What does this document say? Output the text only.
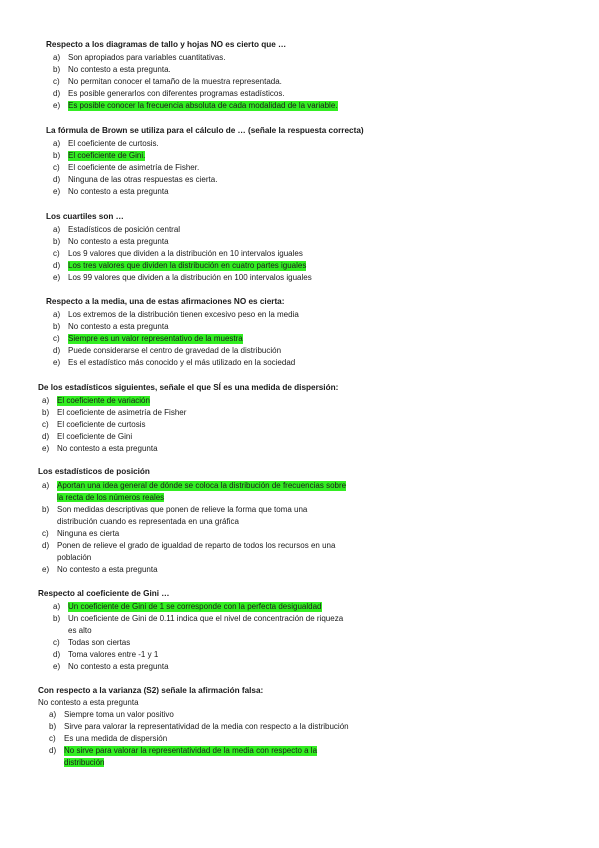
Respecto a los diagramas de tallo y hojas NO es cierto que …
a) Son apropiados para variables cuantitativas.
b) No contesto a esta pregunta.
c) No permitan conocer el tamaño de la muestra representada.
d) Es posible generarlos con diferentes programas estadísticos.
e) Es posible conocer la frecuencia absoluta de cada modalidad de la variable.
La fórmula de Brown se utiliza para el cálculo de … (señale la respuesta correcta)
a) El coeficiente de curtosis.
b) El coeficiente de Gini.
c) El coeficiente de asimetría de Fisher.
d) Ninguna de las otras respuestas es cierta.
e) No contesto a esta pregunta
Los cuartiles son …
a) Estadísticos de posición central
b) No contesto a esta pregunta
c) Los 9 valores que dividen a la distribución en 10 intervalos iguales
d) Los tres valores que dividen la distribución en cuatro partes iguales
e) Los 99 valores que dividen a la distribución en 100 intervalos iguales
Respecto a la media, una de estas afirmaciones NO es cierta:
a) Los extremos de la distribución tienen excesivo peso en la media
b) No contesto a esta pregunta
c) Siempre es un valor representativo de la muestra
d) Puede considerarse el centro de gravedad de la distribución
e) Es el estadístico más conocido y el más utilizado en la sociedad
De los estadísticos siguientes, señale el que SÍ es una medida de dispersión:
a) El coeficiente de variación
b) El coeficiente de asimetría de Fisher
c) El coeficiente de curtosis
d) El coeficiente de Gini
e) No contesto a esta pregunta
Los estadísticos de posición
a) Aportan una idea general de dónde se coloca la distribución de frecuencias sobre
la recta de los números reales
b) Son medidas descriptivas que ponen de relieve la forma que toma una
distribución cuando es representada en una gráfica
c) Ninguna es cierta
d) Ponen de relieve el grado de igualdad de reparto de todos los recursos en una
población
e) No contesto a esta pregunta
Respecto al coeficiente de Gini …
a) Un coeficiente de Gini de 1 se corresponde con la perfecta desigualdad
b) Un coeficiente de Gini de 0.11 indica que el nivel de concentración de riqueza
es alto
c) Todas son ciertas
d) Toma valores entre -1 y 1
e) No contesto a esta pregunta
Con respecto a la varianza (S2) señale la afirmación falsa:
No contesto a esta pregunta
a) Siempre toma un valor positivo
b) Sirve para valorar la representatividad de la media con respecto a la distribución
c) Es una medida de dispersión
d) No sirve para valorar la representatividad de la media con respecto a la
distribución
